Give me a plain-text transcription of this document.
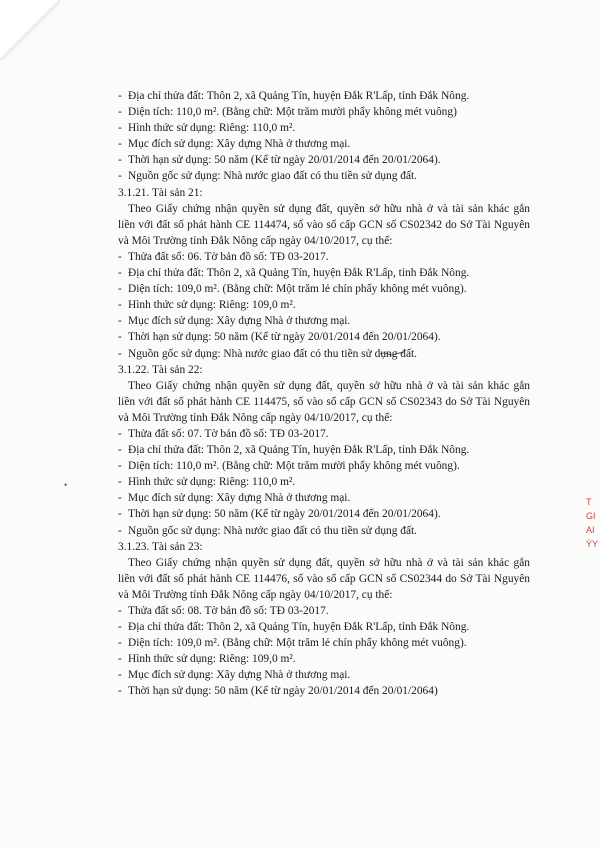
•
- Địa chỉ thửa đất: Thôn 2, xã Quảng Tín, huyện Đắk R'Lấp, tỉnh Đắk Nông.
- Diện tích: 110,0 m². (Bằng chữ: Một trăm mười phẩy không mét vuông)
- Hình thức sử dụng: Riêng: 110,0 m².
- Mục đích sử dụng: Xây dựng Nhà ở thương mại.
- Thời hạn sử dụng: 50 năm (Kể từ ngày 20/01/2014 đến 20/01/2064).
- Nguồn gốc sử dụng: Nhà nước giao đất có thu tiền sử dụng đất.
3.1.21. Tài sản 21:
Theo Giấy chứng nhận quyền sử dụng đất, quyền sở hữu nhà ở và tài sản khác gắn
liền với đất số phát hành CE 114474, số vào sổ cấp GCN số CS02342 do Sở Tài Nguyên
và Môi Trường tỉnh Đắk Nông cấp ngày 04/10/2017, cụ thể:
- Thửa đất số: 06. Tờ bản đồ số: TĐ 03-2017.
- Địa chỉ thửa đất: Thôn 2, xã Quảng Tín, huyện Đắk R'Lấp, tỉnh Đắk Nông.
- Diện tích: 109,0 m². (Bằng chữ: Một trăm lẻ chín phẩy không mét vuông).
- Hình thức sử dụng: Riêng: 109,0 m².
- Mục đích sử dụng: Xây dựng Nhà ở thương mại.
- Thời hạn sử dụng: 50 năm (Kể từ ngày 20/01/2014 đến 20/01/2064).
- Nguồn gốc sử dụng: Nhà nước giao đất có thu tiền sử dụng đất.
3.1.22. Tài sản 22:
Theo Giấy chứng nhận quyền sử dụng đất, quyền sở hữu nhà ở và tài sản khác gắn
liền với đất số phát hành CE 114475, số vào sổ cấp GCN số CS02343 do Sở Tài Nguyên
và Môi Trường tỉnh Đắk Nông cấp ngày 04/10/2017, cụ thể:
- Thửa đất số: 07. Tờ bản đồ số: TĐ 03-2017.
- Địa chỉ thửa đất: Thôn 2, xã Quảng Tín, huyện Đắk R'Lấp, tỉnh Đắk Nông.
- Diện tích: 110,0 m². (Bằng chữ: Một trăm mười phẩy không mét vuông).
- Hình thức sử dụng: Riêng: 110,0 m².
- Mục đích sử dụng: Xây dựng Nhà ở thương mại.
- Thời hạn sử dụng: 50 năm (Kể từ ngày 20/01/2014 đến 20/01/2064).
- Nguồn gốc sử dụng: Nhà nước giao đất có thu tiền sử dụng đất.
3.1.23. Tài sản 23:
Theo Giấy chứng nhận quyền sử dụng đất, quyền sở hữu nhà ở và tài sản khác gắn
liền với đất số phát hành CE 114476, số vào sổ cấp GCN số CS02344 do Sở Tài Nguyên
và Môi Trường tỉnh Đắk Nông cấp ngày 04/10/2017, cụ thể:
- Thửa đất số: 08. Tờ bản đồ số: TĐ 03-2017.
- Địa chỉ thửa đất: Thôn 2, xã Quảng Tín, huyện Đắk R'Lấp, tỉnh Đắk Nông.
- Diện tích: 109,0 m². (Bằng chữ: Một trăm lẻ chín phẩy không mét vuông).
- Hình thức sử dụng: Riêng: 109,0 m².
- Mục đích sử dụng: Xây dựng Nhà ở thương mại.
- Thời hạn sử dụng: 50 năm (Kể từ ngày 20/01/2014 đến 20/01/2064)
T
GI
AI
ỲY
